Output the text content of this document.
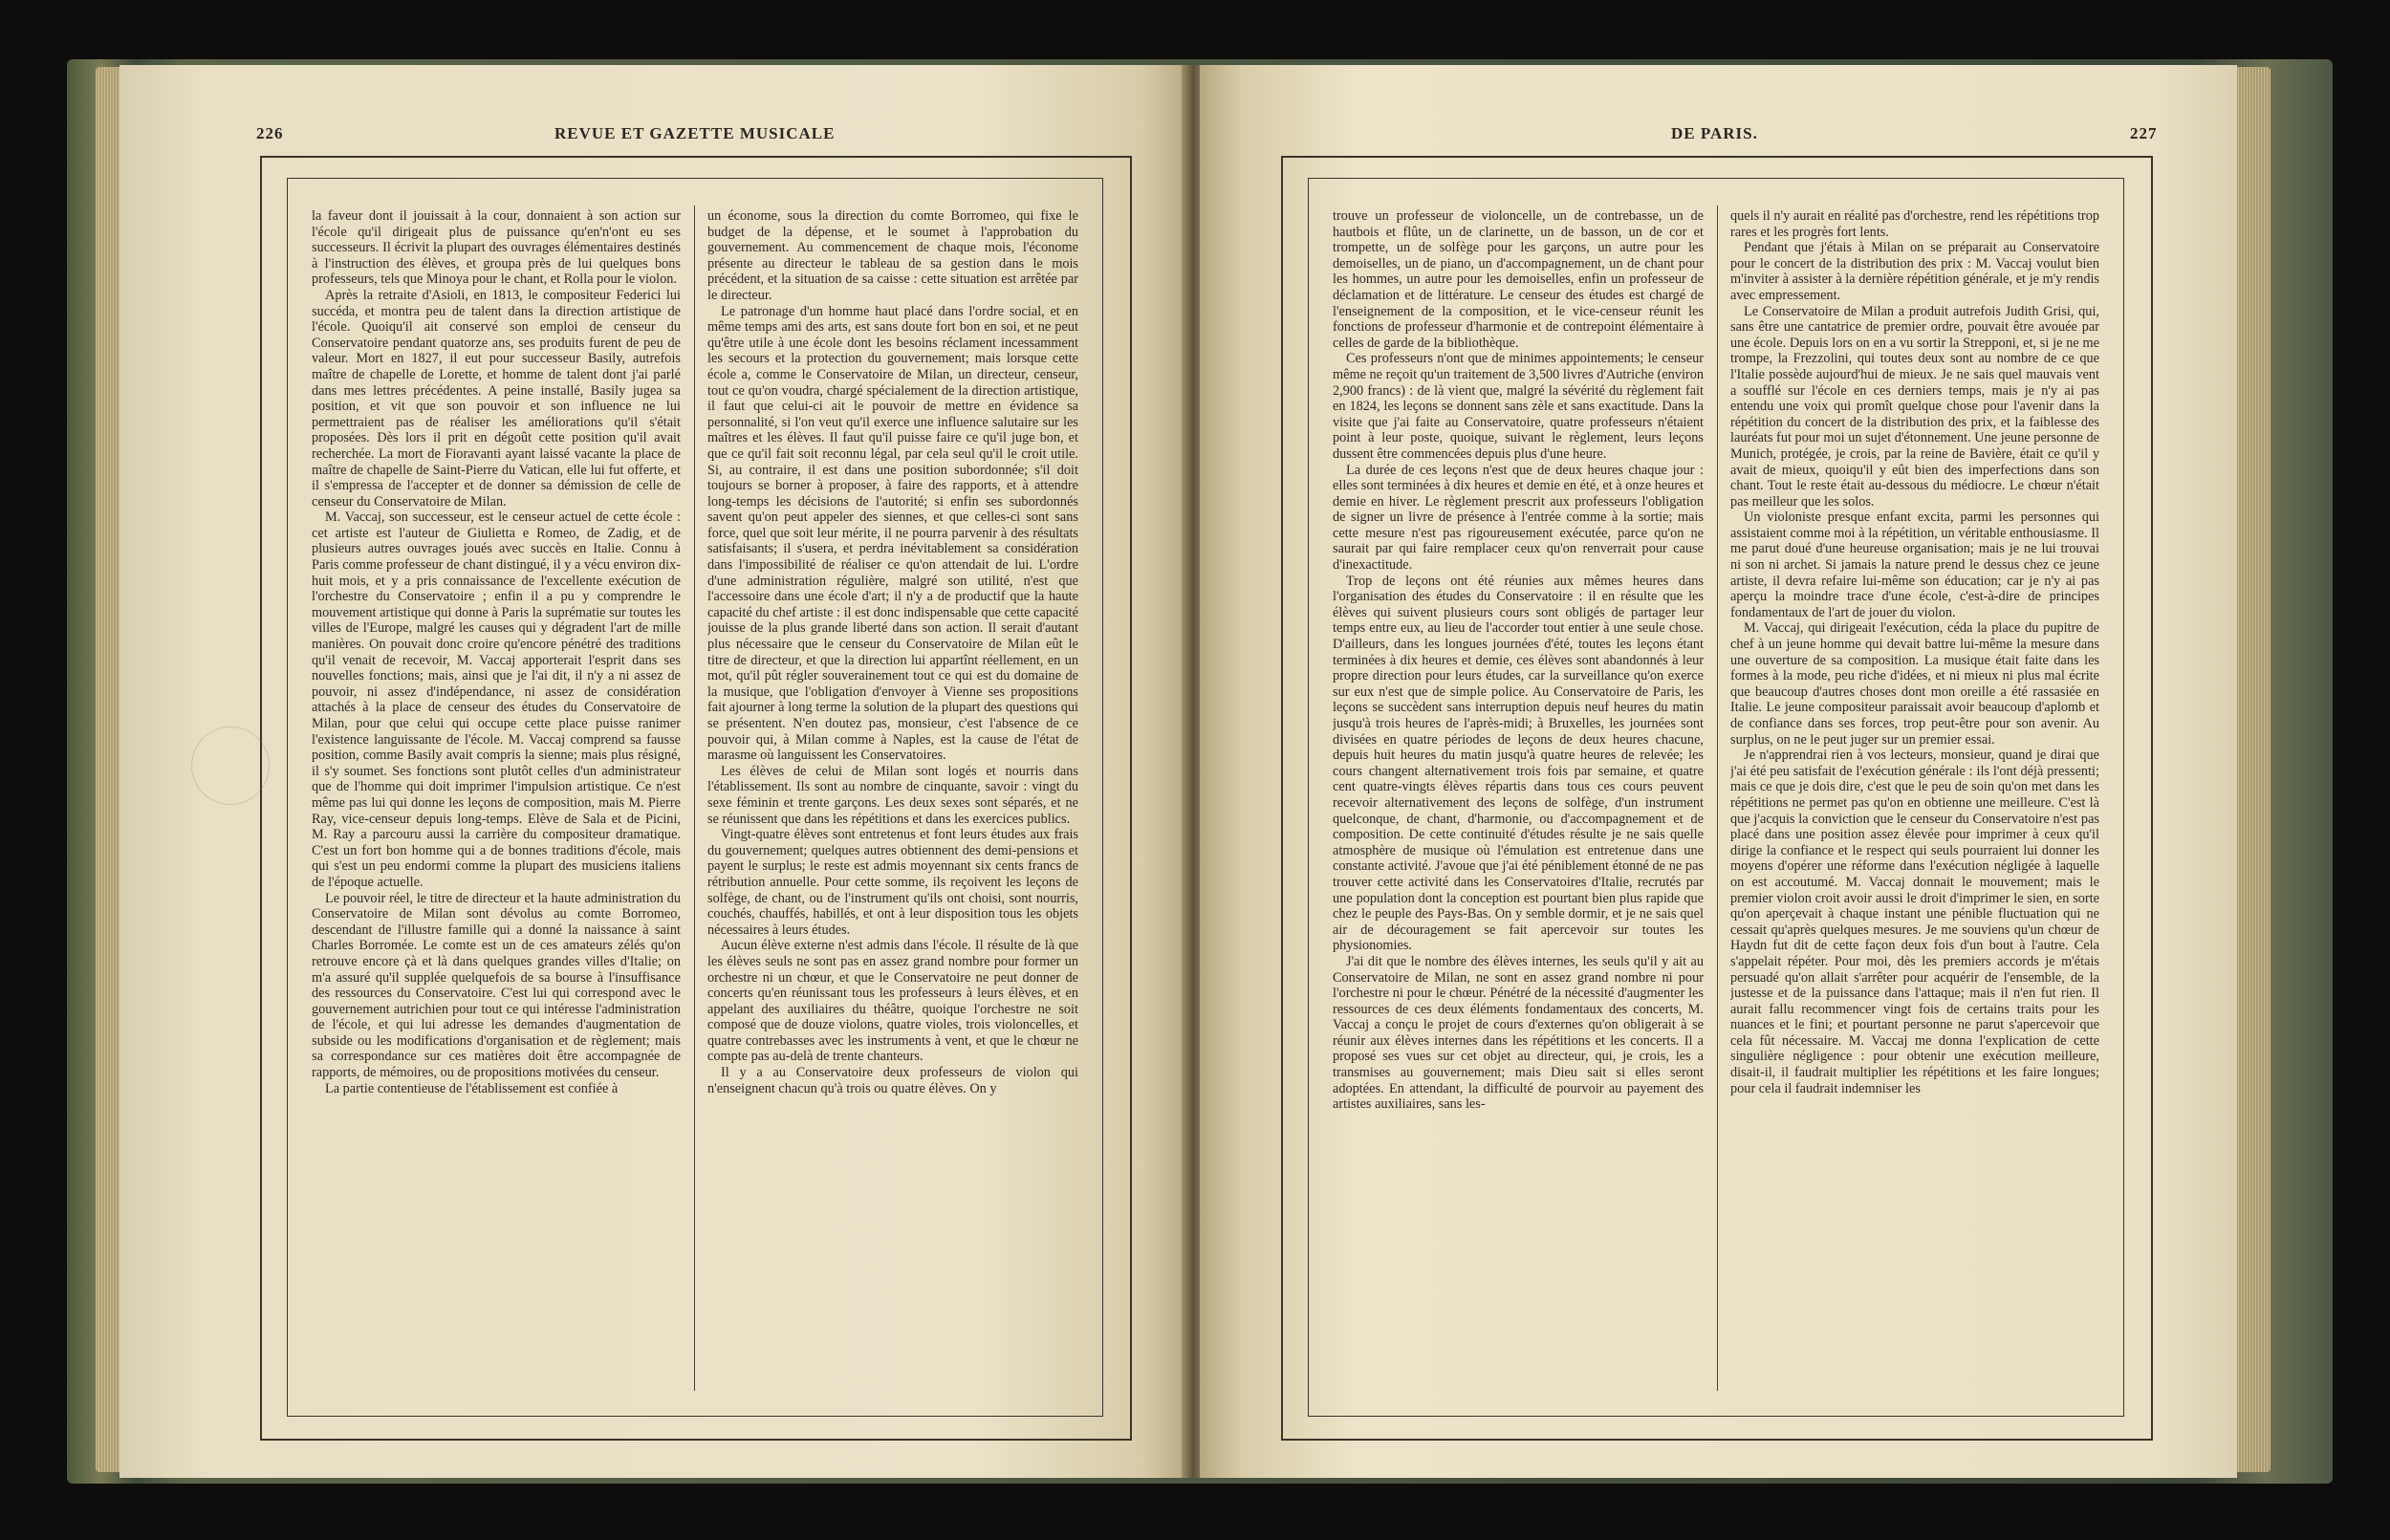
226	REVUE ET GAZETTE MUSICALE	DE PARIS.	227

la faveur dont il jouissait à la cour, donnaient à son action sur l'école qu'il dirigeait plus de puissance qu'en'n'ont eu ses successeurs. Il écrivit la plupart des ouvrages élémentaires destinés à l'instruction des élèves, et groupa près de lui quelques bons professeurs, tels que Minoya pour le chant, et Rolla pour le violon.

Après la retraite d'Asioli, en 1813, le compositeur Federici lui succéda, et montra peu de talent dans la direction artistique de l'école. Quoiqu'il ait conservé son emploi de censeur du Conservatoire pendant quatorze ans, ses produits furent de peu de valeur. Mort en 1827, il eut pour successeur Basily, autrefois maître de chapelle de Lorette, et homme de talent dont j'ai parlé dans mes lettres précédentes. A peine installé, Basily jugea sa position, et vit que son pouvoir et son influence ne lui permettraient pas de réaliser les améliorations qu'il s'était proposées. Dès lors il prit en dégoût cette position qu'il avait recherchée. La mort de Fioravanti ayant laissé vacante la place de maître de chapelle de Saint-Pierre du Vatican, elle lui fut offerte, et il s'empressa de l'accepter et de donner sa démission de celle de censeur du Conservatoire de Milan.

M. Vaccaj, son successeur, est le censeur actuel de cette école : cet artiste est l'auteur de Giulietta e Romeo, de Zadig, et de plusieurs autres ouvrages joués avec succès en Italie. Connu à Paris comme professeur de chant distingué, il y a vécu environ dix-huit mois, et y a pris connaissance de l'excellente exécution de l'orchestre du Conservatoire ; enfin il a pu y comprendre le mouvement artistique qui donne à Paris la suprématie sur toutes les villes de l'Europe, malgré les causes qui y dégradent l'art de mille manières. On pouvait donc croire qu'encore pénétré des traditions qu'il venait de recevoir, M. Vaccaj apporterait l'esprit dans ses nouvelles fonctions; mais, ainsi que je l'ai dit, il n'y a ni assez de pouvoir, ni assez d'indépendance, ni assez de considération attachés à la place de censeur des études du Conservatoire de Milan, pour que celui qui occupe cette place puisse ranimer l'existence languissante de l'école. M. Vaccaj comprend sa fausse position, comme Basily avait compris la sienne; mais plus résigné, il s'y soumet. Ses fonctions sont plutôt celles d'un administrateur que de l'homme qui doit imprimer l'impulsion artistique. Ce n'est même pas lui qui donne les leçons de composition, mais M. Pierre Ray, vice-censeur depuis long-temps. Elève de Sala et de Picini, M. Ray a parcouru aussi la carrière du compositeur dramatique. C'est un fort bon homme qui a de bonnes traditions d'école, mais qui s'est un peu endormi comme la plupart des musiciens italiens de l'époque actuelle.

Le pouvoir réel, le titre de directeur et la haute administration du Conservatoire de Milan sont dévolus au comte Borromeo, descendant de l'illustre famille qui a donné la naissance à saint Charles Borromée. Le comte est un de ces amateurs zélés qu'on retrouve encore çà et là dans quelques grandes villes d'Italie; on m'a assuré qu'il supplée quelquefois de sa bourse à l'insuffisance des ressources du Conservatoire. C'est lui qui correspond avec le gouvernement autrichien pour tout ce qui intéresse l'administration de l'école, et qui lui adresse les demandes d'augmentation de subside ou les modifications d'organisation et de règlement; mais sa correspondance sur ces matières doit être accompagnée de rapports, de mémoires, ou de propositions motivées du censeur.

La partie contentieuse de l'établissement est confiée à

un économe, sous la direction du comte Borromeo, qui fixe le budget de la dépense, et le soumet à l'approbation du gouvernement. Au commencement de chaque mois, l'économe présente au directeur le tableau de sa gestion dans le mois précédent, et la situation de sa caisse : cette situation est arrêtée par le directeur.

Le patronage d'un homme haut placé dans l'ordre social, et en même temps ami des arts, est sans doute fort bon en soi, et ne peut qu'être utile à une école dont les besoins réclament incessamment les secours et la protection du gouvernement; mais lorsque cette école a, comme le Conservatoire de Milan, un directeur, censeur, tout ce qu'on voudra, chargé spécialement de la direction artistique, il faut que celui-ci ait le pouvoir de mettre en évidence sa personnalité, si l'on veut qu'il exerce une influence salutaire sur les maîtres et les élèves. Il faut qu'il puisse faire ce qu'il juge bon, et que ce qu'il fait soit reconnu légal, par cela seul qu'il le croit utile. Si, au contraire, il est dans une position subordonnée; s'il doit toujours se borner à proposer, à faire des rapports, et à attendre long-temps les décisions de l'autorité; si enfin ses subordonnés savent qu'on peut appeler des siennes, et que celles-ci sont sans force, quel que soit leur mérite, il ne pourra parvenir à des résultats satisfaisants; il s'usera, et perdra inévitablement sa considération dans l'impossibilité de réaliser ce qu'on attendait de lui. L'ordre d'une administration régulière, malgré son utilité, n'est que l'accessoire dans une école d'art; il n'y a de productif que la haute capacité du chef artiste : il est donc indispensable que cette capacité jouisse de la plus grande liberté dans son action. Il serait d'autant plus nécessaire que le censeur du Conservatoire de Milan eût le titre de directeur, et que la direction lui appartînt réellement, en un mot, qu'il pût régler souverainement tout ce qui est du domaine de la musique, que l'obligation d'envoyer à Vienne ses propositions fait ajourner à long terme la solution de la plupart des questions qui se présentent. N'en doutez pas, monsieur, c'est l'absence de ce pouvoir qui, à Milan comme à Naples, est la cause de l'état de marasme où languissent les Conservatoires.

Les élèves de celui de Milan sont logés et nourris dans l'établissement. Ils sont au nombre de cinquante, savoir : vingt du sexe féminin et trente garçons. Les deux sexes sont séparés, et ne se réunissent que dans les répétitions et dans les exercices publics.

Vingt-quatre élèves sont entretenus et font leurs études aux frais du gouvernement; quelques autres obtiennent des demi-pensions et payent le surplus; le reste est admis moyennant six cents francs de rétribution annuelle. Pour cette somme, ils reçoivent les leçons de solfège, de chant, ou de l'instrument qu'ils ont choisi, sont nourris, couchés, chauffés, habillés, et ont à leur disposition tous les objets nécessaires à leurs études.

Aucun élève externe n'est admis dans l'école. Il résulte de là que les élèves seuls ne sont pas en assez grand nombre pour former un orchestre ni un chœur, et que le Conservatoire ne peut donner de concerts qu'en réunissant tous les professeurs à leurs élèves, et en appelant des auxiliaires du théâtre, quoique l'orchestre ne soit composé que de douze violons, quatre violes, trois violoncelles, et quatre contrebasses avec les instruments à vent, et que le chœur ne compte pas au-delà de trente chanteurs.

Il y a au Conservatoire deux professeurs de violon qui n'enseignent chacun qu'à trois ou quatre élèves. On y

trouve un professeur de violoncelle, un de contrebasse, un de hautbois et flûte, un de clarinette, un de basson, un de cor et trompette, un de solfège pour les garçons, un autre pour les demoiselles, un de piano, un d'accompagnement, un de chant pour les hommes, un autre pour les demoiselles, enfin un professeur de déclamation et de littérature. Le censeur des études est chargé de l'enseignement de la composition, et le vice-censeur réunit les fonctions de professeur d'harmonie et de contrepoint élémentaire à celles de garde de la bibliothèque.

Ces professeurs n'ont que de minimes appointements; le censeur même ne reçoit qu'un traitement de 3,500 livres d'Autriche (environ 2,900 francs) : de là vient que, malgré la sévérité du règlement fait en 1824, les leçons se donnent sans zèle et sans exactitude. Dans la visite que j'ai faite au Conservatoire, quatre professeurs n'étaient point à leur poste, quoique, suivant le règlement, leurs leçons dussent être commencées depuis plus d'une heure.

La durée de ces leçons n'est que de deux heures chaque jour : elles sont terminées à dix heures et demie en été, et à onze heures et demie en hiver. Le règlement prescrit aux professeurs l'obligation de signer un livre de présence à l'entrée comme à la sortie; mais cette mesure n'est pas rigoureusement exécutée, parce qu'on ne saurait par qui faire remplacer ceux qu'on renverrait pour cause d'inexactitude.

Trop de leçons ont été réunies aux mêmes heures dans l'organisation des études du Conservatoire : il en résulte que les élèves qui suivent plusieurs cours sont obligés de partager leur temps entre eux, au lieu de l'accorder tout entier à une seule chose. D'ailleurs, dans les longues journées d'été, toutes les leçons étant terminées à dix heures et demie, ces élèves sont abandonnés à leur propre direction pour leurs études, car la surveillance qu'on exerce sur eux n'est que de simple police. Au Conservatoire de Paris, les leçons se succèdent sans interruption depuis neuf heures du matin jusqu'à trois heures de l'après-midi; à Bruxelles, les journées sont divisées en quatre périodes de leçons de deux heures chacune, depuis huit heures du matin jusqu'à quatre heures de relevée; les cours changent alternativement trois fois par semaine, et quatre cent quatre-vingts élèves répartis dans tous ces cours peuvent recevoir alternativement des leçons de solfège, d'un instrument quelconque, de chant, d'harmonie, ou d'accompagnement et de composition. De cette continuité d'études résulte je ne sais quelle atmosphère de musique où l'émulation est entretenue dans une constante activité. J'avoue que j'ai été péniblement étonné de ne pas trouver cette activité dans les Conservatoires d'Italie, recrutés par une population dont la conception est pourtant bien plus rapide que chez le peuple des Pays-Bas. On y semble dormir, et je ne sais quel air de découragement se fait apercevoir sur toutes les physionomies.

J'ai dit que le nombre des élèves internes, les seuls qu'il y ait au Conservatoire de Milan, ne sont en assez grand nombre ni pour l'orchestre ni pour le chœur. Pénétré de la nécessité d'augmenter les ressources de ces deux éléments fondamentaux des concerts, M. Vaccaj a conçu le projet de cours d'externes qu'on obligerait à se réunir aux élèves internes dans les répétitions et les concerts. Il a proposé ses vues sur cet objet au directeur, qui, je crois, les a transmises au gouvernement; mais Dieu sait si elles seront adoptées. En attendant, la difficulté de pourvoir au payement des artistes auxiliaires, sans les-

quels il n'y aurait en réalité pas d'orchestre, rend les répétitions trop rares et les progrès fort lents.

Pendant que j'étais à Milan on se préparait au Conservatoire pour le concert de la distribution des prix : M. Vaccaj voulut bien m'inviter à assister à la dernière répétition générale, et je m'y rendis avec empressement.

Le Conservatoire de Milan a produit autrefois Judith Grisi, qui, sans être une cantatrice de premier ordre, pouvait être avouée par une école. Depuis lors on en a vu sortir la Strepponi, et, si je ne me trompe, la Frezzolini, qui toutes deux sont au nombre de ce que l'Italie possède aujourd'hui de mieux. Je ne sais quel mauvais vent a soufflé sur l'école en ces derniers temps, mais je n'y ai pas entendu une voix qui promît quelque chose pour l'avenir dans la répétition du concert de la distribution des prix, et la faiblesse des lauréats fut pour moi un sujet d'étonnement. Une jeune personne de Munich, protégée, je crois, par la reine de Bavière, était ce qu'il y avait de mieux, quoiqu'il y eût bien des imperfections dans son chant. Tout le reste était au-dessous du médiocre. Le chœur n'était pas meilleur que les solos.

Un violoniste presque enfant excita, parmi les personnes qui assistaient comme moi à la répétition, un véritable enthousiasme. Il me parut doué d'une heureuse organisation; mais je ne lui trouvai ni son ni archet. Si jamais la nature prend le dessus chez ce jeune artiste, il devra refaire lui-même son éducation; car je n'y ai pas aperçu la moindre trace d'une école, c'est-à-dire de principes fondamentaux de l'art de jouer du violon.

M. Vaccaj, qui dirigeait l'exécution, céda la place du pupitre de chef à un jeune homme qui devait battre lui-même la mesure dans une ouverture de sa composition. La musique était faite dans les formes à la mode, peu riche d'idées, et ni mieux ni plus mal écrite que beaucoup d'autres choses dont mon oreille a été rassasiée en Italie. Le jeune compositeur paraissait avoir beaucoup d'aplomb et de confiance dans ses forces, trop peut-être pour son avenir. Au surplus, on ne le peut juger sur un premier essai.

Je n'apprendrai rien à vos lecteurs, monsieur, quand je dirai que j'ai été peu satisfait de l'exécution générale : ils l'ont déjà pressenti; mais ce que je dois dire, c'est que le peu de soin qu'on met dans les répétitions ne permet pas qu'on en obtienne une meilleure. C'est là que j'acquis la conviction que le censeur du Conservatoire n'est pas placé dans une position assez élevée pour imprimer à ceux qu'il dirige la confiance et le respect qui seuls pourraient lui donner les moyens d'opérer une réforme dans l'exécution négligée à laquelle on est accoutumé. M. Vaccaj donnait le mouvement; mais le premier violon croit avoir aussi le droit d'imprimer le sien, en sorte qu'on aperçevait à chaque instant une pénible fluctuation qui ne cessait qu'après quelques mesures. Je me souviens qu'un chœur de Haydn fut dit de cette façon deux fois d'un bout à l'autre. Cela s'appelait répéter. Pour moi, dès les premiers accords je m'étais persuadé qu'on allait s'arrêter pour acquérir de l'ensemble, de la justesse et de la puissance dans l'attaque; mais il n'en fut rien. Il aurait fallu recommencer vingt fois de certains traits pour les nuances et le fini; et pourtant personne ne parut s'apercevoir que cela fût nécessaire. M. Vaccaj me donna l'explication de cette singulière négligence : pour obtenir une exécution meilleure, disait-il, il faudrait multiplier les répétitions et les faire longues; pour cela il faudrait indemniser les
